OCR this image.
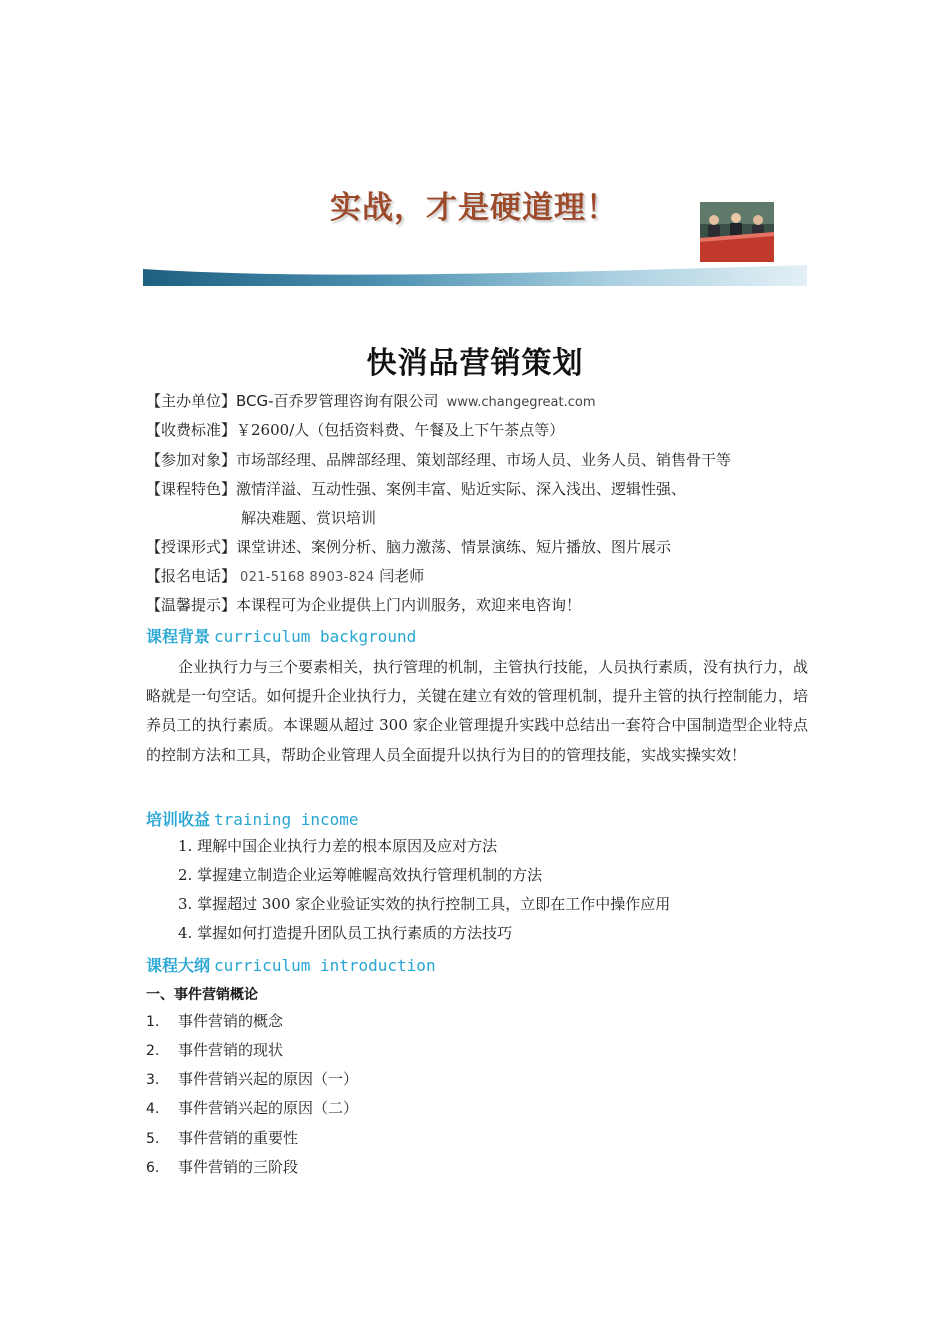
实战，才是硬道理！
快消品营销策划
【主办单位】BCG-百乔罗管理咨询有限公司 www.changegreat.com
【收费标准】￥2600/人（包括资料费、午餐及上下午茶点等）
【参加对象】市场部经理、品牌部经理、策划部经理、市场人员、业务人员、销售骨干等
【课程特色】激情洋溢、互动性强、案例丰富、贴近实际、深入浅出、逻辑性强、
解决难题、赏识培训
【授课形式】课堂讲述、案例分析、脑力激荡、情景演练、短片播放、图片展示
【报名电话】 021-5168 8903-824 闫老师
【温馨提示】本课程可为企业提供上门内训服务，欢迎来电咨询！
课程背景 curriculum background
企业执行力与三个要素相关，执行管理的机制，主管执行技能，人员执行素质，没有执行力，战略就是一句空话。如何提升企业执行力，关键在建立有效的管理机制，提升主管的执行控制能力，培养员工的执行素质。本课题从超过 300 家企业管理提升实践中总结出一套符合中国制造型企业特点的控制方法和工具，帮助企业管理人员全面提升以执行为目的的管理技能，实战实操实效！
培训收益 training income
1. 理解中国企业执行力差的根本原因及应对方法
2. 掌握建立制造企业运筹帷幄高效执行管理机制的方法
3. 掌握超过 300 家企业验证实效的执行控制工具，立即在工作中操作应用
4. 掌握如何打造提升团队员工执行素质的方法技巧
课程大纲 curriculum introduction
一、事件营销概论
1. 事件营销的概念
2. 事件营销的现状
3. 事件营销兴起的原因（一）
4. 事件营销兴起的原因（二）
5. 事件营销的重要性
6. 事件营销的三阶段
